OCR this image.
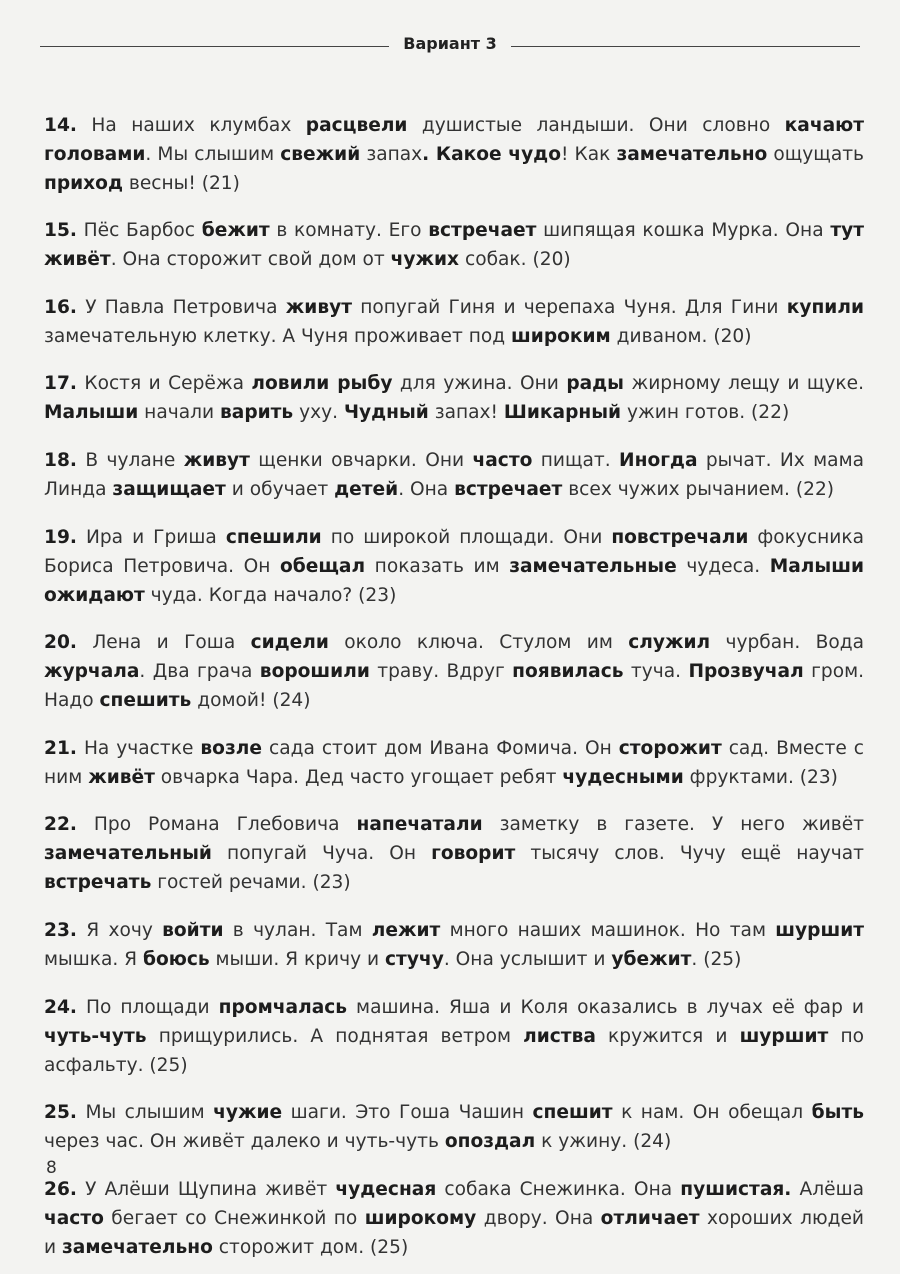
Вариант 3

14. На наших клумбах расцвели душистые ландыши. Они словно качают головами. Мы слышим свежий запах. Какое чудо! Как замечательно ощущать приход весны! (21)

15. Пёс Барбос бежит в комнату. Его встречает шипящая кошка Мурка. Она тут живёт. Она сторожит свой дом от чужих собак. (20)

16. У Павла Петровича живут попугай Гиня и черепаха Чуня. Для Гини купили замечательную клетку. А Чуня проживает под широким диваном. (20)

17. Костя и Серёжа ловили рыбу для ужина. Они рады жирному лещу и щуке. Малыши начали варить уху. Чудный запах! Шикарный ужин готов. (22)

18. В чулане живут щенки овчарки. Они часто пищат. Иногда рычат. Их мама Линда защищает и обучает детей. Она встречает всех чужих рычанием. (22)

19. Ира и Гриша спешили по широкой площади. Они повстречали фокусника Бориса Петровича. Он обещал показать им замечательные чудеса. Малыши ожидают чуда. Когда начало? (23)

20. Лена и Гоша сидели около ключа. Стулом им служил чурбан. Вода журчала. Два грача ворошили траву. Вдруг появилась туча. Прозвучал гром. Надо спешить домой! (24)

21. На участке возле сада стоит дом Ивана Фомича. Он сторожит сад. Вместе с ним живёт овчарка Чара. Дед часто угощает ребят чудесными фруктами. (23)

22. Про Романа Глебовича напечатали заметку в газете. У него живёт замечательный попугай Чуча. Он говорит тысячу слов. Чучу ещё научат встречать гостей речами. (23)

23. Я хочу войти в чулан. Там лежит много наших машинок. Но там шуршит мышка. Я боюсь мыши. Я кричу и стучу. Она услышит и убежит. (25)

24. По площади промчалась машина. Яша и Коля оказались в лучах её фар и чуть-чуть прищурились. А поднятая ветром листва кружится и шуршит по асфальту. (25)

25. Мы слышим чужие шаги. Это Гоша Чашин спешит к нам. Он обещал быть через час. Он живёт далеко и чуть-чуть опоздал к ужину. (24)

26. У Алёши Щупина живёт чудесная собака Снежинка. Она пушистая. Алёша часто бегает со Снежинкой по широкому двору. Она отличает хороших людей и замечательно сторожит дом. (25)

8
